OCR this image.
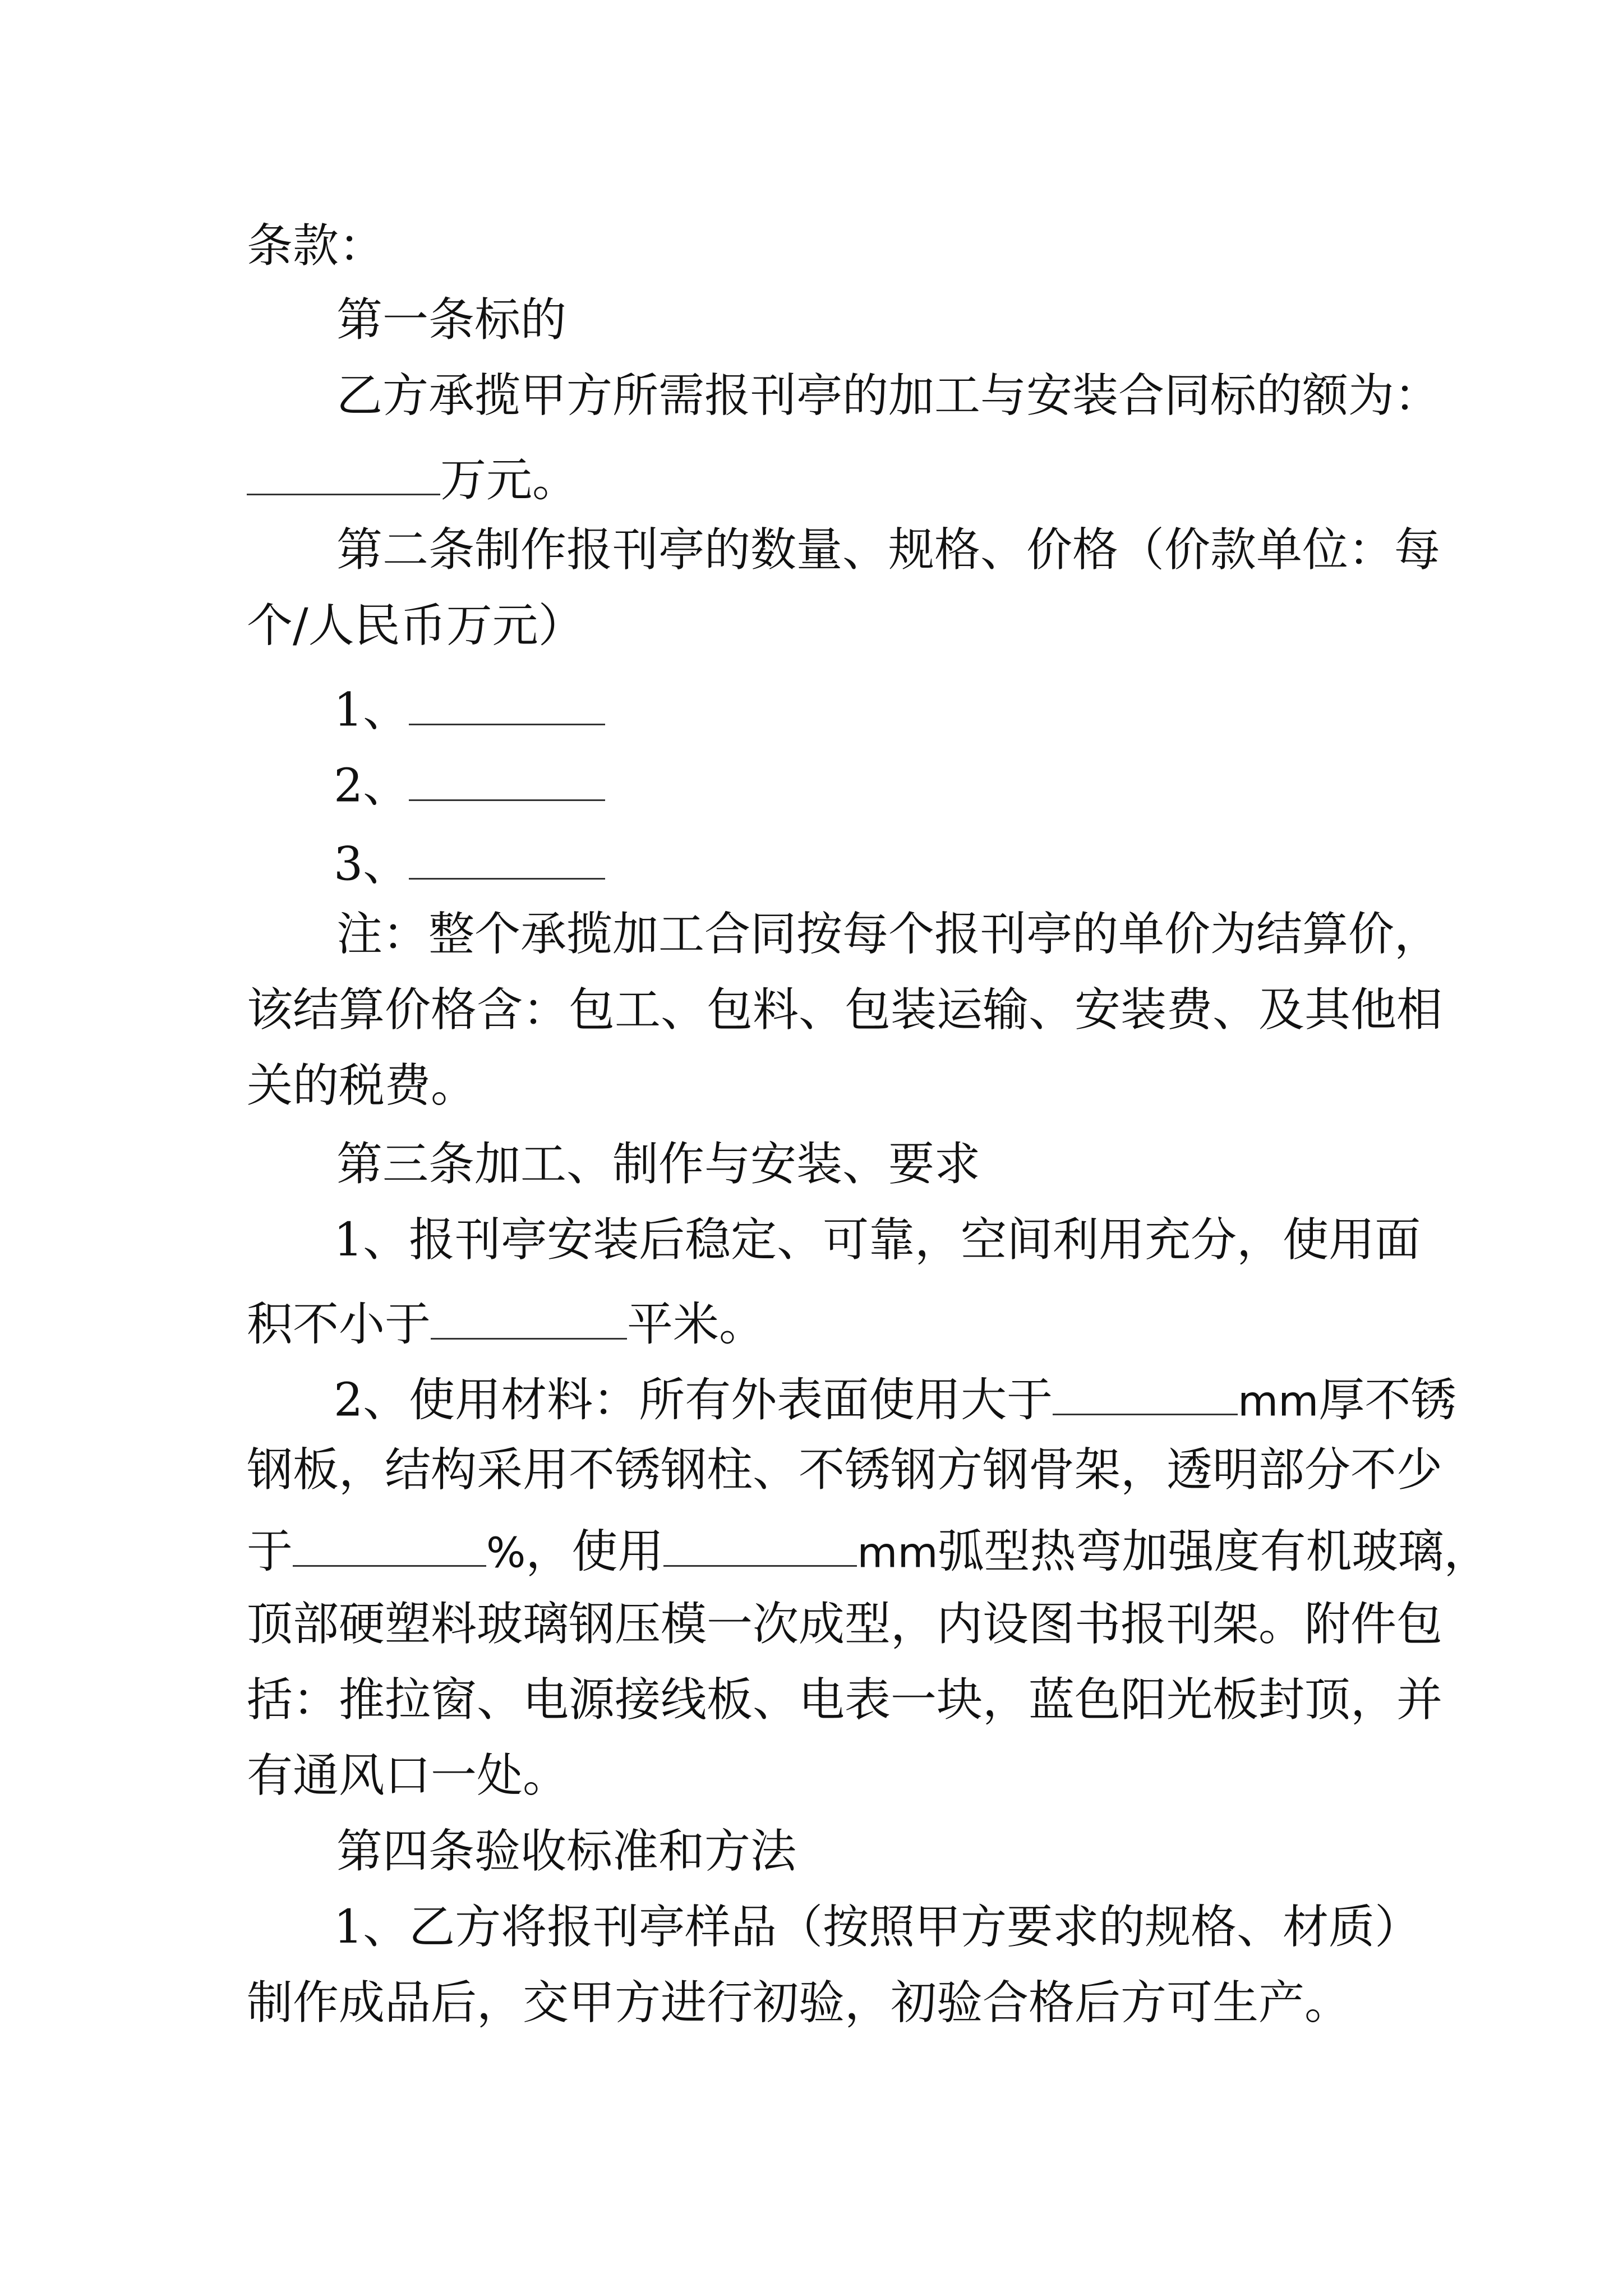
条款：
第一条标的
乙方承揽甲方所需报刊亭的加工与安装合同标的额为：
万元。
第二条制作报刊亭的数量、规格、价格（价款单位：每
个/人民币万元）
1、
2、
3、
注：整个承揽加工合同按每个报刊亭的单价为结算价，
该结算价格含：包工、包料、包装运输、安装费、及其他相
关的税费。
第三条加工、制作与安装、要求
1、报刊亭安装后稳定、可靠，空间利用充分，使用面
积不小于	平米。
2、使用材料：所有外表面使用大于	mm厚不锈
钢板，结构采用不锈钢柱、不锈钢方钢骨架，透明部分不少
于	%，使用	mm弧型热弯加强度有机玻璃，
顶部硬塑料玻璃钢压模一次成型，内设图书报刊架。附件包
括：推拉窗、电源接线板、电表一块，蓝色阳光板封顶，并
有通风口一处。
第四条验收标准和方法
1、乙方将报刊亭样品（按照甲方要求的规格、材质）
制作成品后，交甲方进行初验，初验合格后方可生产。
